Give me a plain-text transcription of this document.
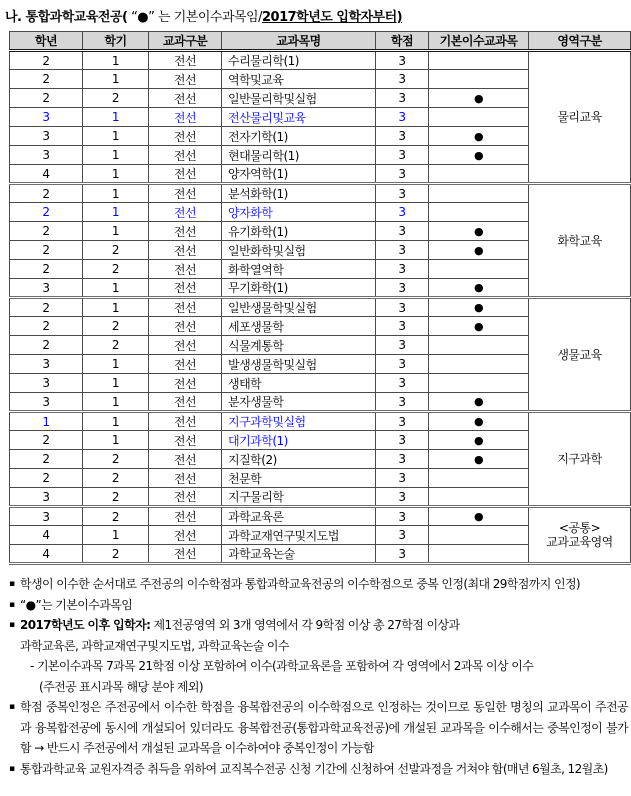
나. 통합과학교육전공( “●” 는 기본이수과목임/2017학년도 입학자부터)
학년	학기	교과구분	교과목명	학점	기본이수교과목	영역구분
2	1	전선	수리물리학(1)	3		물리교육

2	1	전선	역학및교육	3		
2	2	전선	일반물리학및실험	3	●	
3	1	전선	전산물리및교육	3		
3	1	전선	전자기학(1)	3	●	
3	1	전선	현대물리학(1)	3	●	
4	1	전선	양자역학(1)	3		
2	1	전선	분석화학(1)	3		화학교육

2	1	전선	양자화학	3		
2	1	전선	유기화학(1)	3	●	
2	2	전선	일반화학및실험	3	●	
2	2	전선	화학열역학	3		
3	1	전선	무기화학(1)	3	●	
2	1	전선	일반생물학및실험	3	●	생물교육

2	2	전선	세포생물학	3	●	
2	2	전선	식물계통학	3		
3	1	전선	발생생물학및실험	3		
3	1	전선	생태학	3		
3	1	전선	분자생물학	3	●	
1	1	전선	지구과학및실험	3	●	지구과학

2	1	전선	대기과학(1)	3	●	
2	2	전선	지질학(2)	3	●	
2	2	전선	천문학	3		
3	2	전선	지구물리학	3		
3	2	전선	과학교육론	3	●	<공통>
교과교육영역

4	1	전선	과학교재연구및지도법	3		
4	2	전선	과학교육논술	3		
▪ 학생이 이수한 순서대로 주전공의 이수학점과 통합과학교육전공의 이수학점으로 중복 인정(최대 29학점까지 인정)
▪ “●”는 기본이수과목임
▪ 2017학년도 이후 입학자: 제1전공영역 외 3개 영역에서 각 9학점 이상 총 27학점 이상과
과학교육론, 과학교재연구및지도법, 과학교육논술 이수
- 기본이수과목 7과목 21학점 이상 포함하여 이수(과학교육론을 포함하여 각 영역에서 2과목 이상 이수
(주전공 표시과목 해당 분야 제외)
▪ 학점 중복인정은 주전공에서 이수한 학점을 융복합전공의 이수학점으로 인정하는 것이므로 동일한 명칭의 교과목이 주전공과 융복합전공에 동시에 개설되어 있더라도 융복합전공(통합과학교육전공)에 개설된 교과목을 이수해서는 중복인정이 불가함 → 반드시 주전공에서 개설된 교과목을 이수하여야 중복인정이 가능함
▪ 통합과학교육 교원자격증 취득을 위하여 교직복수전공 신청 기간에 신청하여 선발과정을 거쳐야 함(매년 6월초, 12월초)
